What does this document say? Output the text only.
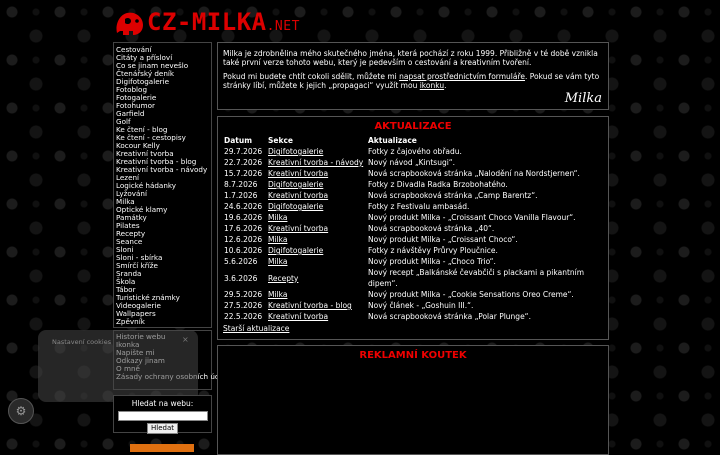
CZ-MILKA.NET
Cestování
Citáty a přísloví
Co se jinam nevešlo
Čtenářský deník
Digifotogalerie
Fotoblog
Fotogalerie
Fotohumor
Garfield
Golf
Ke čtení - blog
Ke čtení - cestopisy
Kocour Kelly
Kreativní tvorba
Kreativní tvorba - blog
Kreativní tvorba - návody
Lezení
Logické hádanky
Lyžování
Milka
Optické klamy
Památky
Pilates
Recepty
Seance
Sloni
Sloni - sbírka
Smírčí kříže
Sranda
Škola
Tábor
Turistické známky
Videogalerie
Wallpapers
Zpěvník
Nastavení cookies	×
⚙
Hledat na webu:

Hledat

Milka je zdrobnělina mého skutečného jména, která pochází z roku 1999. Přibližně v té době vznikla také první verze tohoto webu, který je pedevším o cestování a kreativním tvoření.

Pokud mi budete chtít cokoli sdělit, můžete mi napsat prostřednictvím formuláře. Pokud se vám tyto stránky líbí, můžete k jejich „propagaci“ využít mou ikonku.

Milka
AKTUALIZACE
Datum	Sekce	Aktualizace
29.7.2026	Digifotogalerie	Fotky z čajového obřadu.
22.7.2026	Kreativní tvorba - návody	Nový návod „Kintsugi“.
15.7.2026	Kreativní tvorba	Nová scrapbooková stránka „Nalodění na Nordstjernen“.
8.7.2026	Digifotogalerie	Fotky z Divadla Radka Brzobohatého.
1.7.2026	Kreativní tvorba	Nová scrapbooková stránka „Camp Barentz“.
24.6.2026	Digifotogalerie	Fotky z Festivalu ambasád.
19.6.2026	Milka	Nový produkt Milka - „Croissant Choco Vanilla Flavour“.
17.6.2026	Kreativní tvorba	Nová scrapbooková stránka „40“.
12.6.2026	Milka	Nový produkt Milka - „Croissant Choco“.
10.6.2026	Digifotogalerie	Fotky z návštěvy Průrvy Ploučnice.
5.6.2026	Milka	Nový produkt Milka - „Choco Trio“.
3.6.2026	Recepty	Nový recept „Balkánské čevabčiči s plackami a pikantním dipem“.
29.5.2026	Milka	Nový produkt Milka - „Cookie Sensations Oreo Creme“.
27.5.2026	Kreativní tvorba - blog	Nový článek - „Goshuin III.“.
22.5.2026	Kreativní tvorba	Nová scrapbooková stránka „Polar Plunge“.
Starší aktualizace
REKLAMNÍ KOUTEK
